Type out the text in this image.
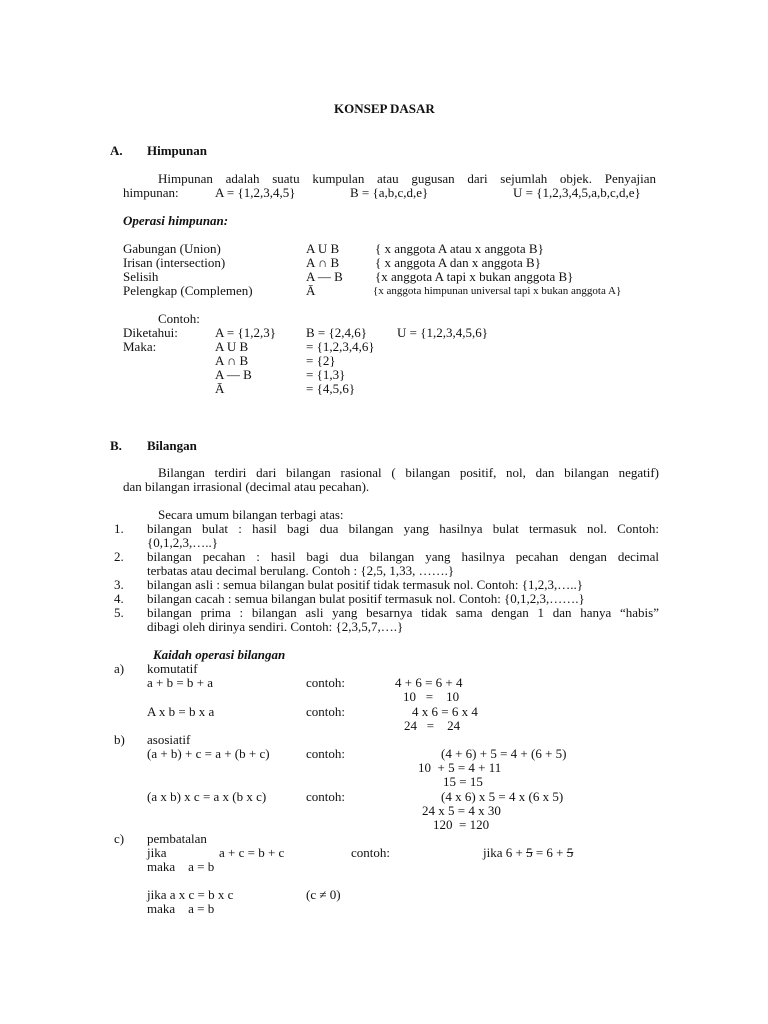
KONSEP DASAR
A. Himpunan
Himpunan adalah suatu kumpulan atau gugusan dari sejumlah objek. Penyajian
himpunan:	A = {1,2,3,4,5}	B = {a,b,c,d,e}	U = {1,2,3,4,5,a,b,c,d,e}
Operasi himpunan:
Gabungan (Union)	A U B	{ x anggota A atau x anggota B}
Irisan (intersection)	A ∩ B	{ x anggota A dan x anggota B}
Selisih	A — B {x anggota A tapi x bukan anggota B}
Pelengkap (Complemen)	Ā	{x anggota himpunan universal tapi x bukan anggota A}
Contoh:
Diketahui:	A = {1,2,3} B = {2,4,6} U = {1,2,3,4,5,6}
Maka:	A U B	= {1,2,3,4,6}
A ∩ B	= {2}
A — B	= {1,3}
Ā	= {4,5,6}
B. Bilangan
Bilangan terdiri dari bilangan rasional ( bilangan positif, nol, dan bilangan negatif)
dan bilangan irrasional (decimal atau pecahan).
Secara umum bilangan terbagi atas:
1. bilangan bulat : hasil bagi dua bilangan yang hasilnya bulat termasuk nol. Contoh:
{0,1,2,3,…..}
2. bilangan pecahan : hasil bagi dua bilangan yang hasilnya pecahan dengan decimal
terbatas atau decimal berulang. Contoh : {2,5, 1,33, …….}
3. bilangan asli : semua bilangan bulat positif tidak termasuk nol. Contoh: {1,2,3,…..}
4. bilangan cacah : semua bilangan bulat positif termasuk nol. Contoh: {0,1,2,3,…….}
5. bilangan prima : bilangan asli yang besarnya tidak sama dengan 1 dan hanya “habis”
dibagi oleh dirinya sendiri. Contoh: {2,3,5,7,….}
Kaidah operasi bilangan
a) komutatif
a + b = b + a	contoh:	4 + 6 = 6 + 4
10   =    10
A x b = b x a	contoh:	4 x 6 = 6 x 4
24   =    24
b) asosiatif
(a + b) + c = a + (b + c)	contoh:	(4 + 6) + 5 = 4 + (6 + 5)
10  + 5 = 4 + 11
15 = 15
(a x b) x c = a x (b x c)	contoh:	(4 x 6) x 5 = 4 x (6 x 5)
24 x 5 = 4 x 30
120  = 120
c) pembatalan
jika	a + c = b + c	contoh:	jika 6 + 5 = 6 + 5
maka    a = b
jika a x c = b x c	(c ≠ 0)
maka    a = b
